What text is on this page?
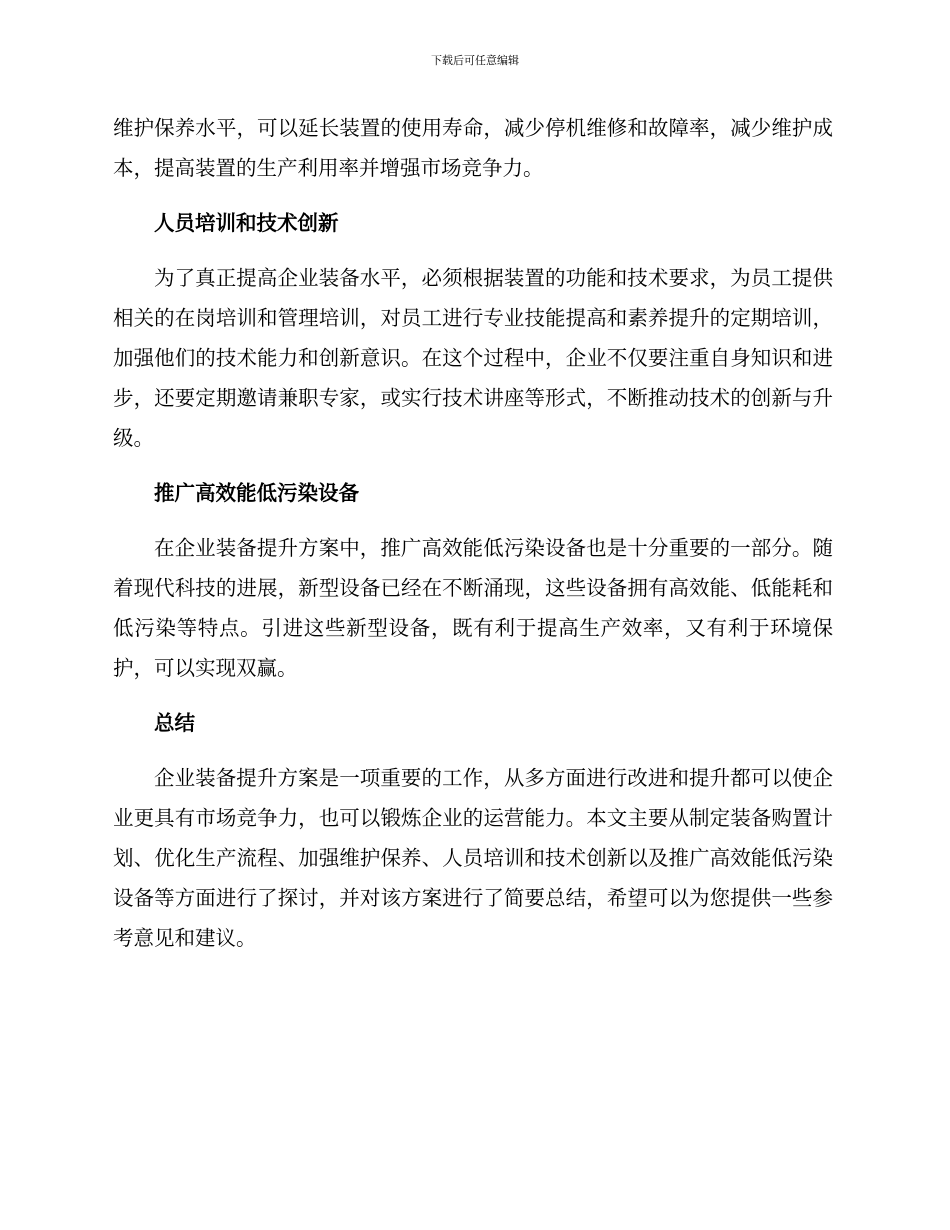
下载后可任意编辑

维护保养水平，可以延长装置的使用寿命，减少停机维修和故障率，减少维护成本，提高装置的生产利用率并增强市场竞争力。

人员培训和技术创新

为了真正提高企业装备水平，必须根据装置的功能和技术要求，为员工提供相关的在岗培训和管理培训，对员工进行专业技能提高和素养提升的定期培训，加强他们的技术能力和创新意识。在这个过程中，企业不仅要注重自身知识和进步，还要定期邀请兼职专家，或实行技术讲座等形式，不断推动技术的创新与升级。

推广高效能低污染设备

在企业装备提升方案中，推广高效能低污染设备也是十分重要的一部分。随着现代科技的进展，新型设备已经在不断涌现，这些设备拥有高效能、低能耗和低污染等特点。引进这些新型设备，既有利于提高生产效率，又有利于环境保护，可以实现双赢。

总结

企业装备提升方案是一项重要的工作，从多方面进行改进和提升都可以使企业更具有市场竞争力，也可以锻炼企业的运营能力。本文主要从制定装备购置计划、优化生产流程、加强维护保养、人员培训和技术创新以及推广高效能低污染设备等方面进行了探讨，并对该方案进行了简要总结，希望可以为您提供一些参考意见和建议。
